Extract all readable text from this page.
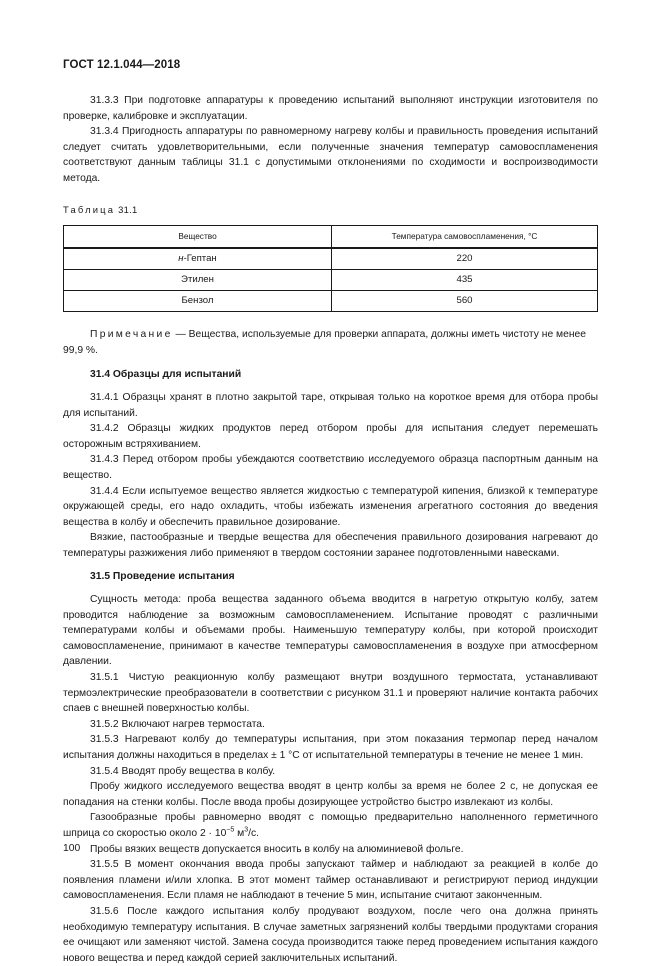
ГОСТ 12.1.044—2018

31.3.3 При подготовке аппаратуры к проведению испытаний выполняют инструкции изготовителя по проверке, калибровке и эксплуатации.

31.3.4 Пригодность аппаратуры по равномерному нагреву колбы и правильность проведения испытаний следует считать удовлетворительными, если полученные значения температур самовоспламенения соответствуют данным таблицы 31.1 с допустимыми отклонениями по сходимости и воспроизводимости метода.

Таблица 31.1
Вещество	Температура самовоспламенения, °С
н-Гептан	220
Этилен	435
Бензол	560
Примечание — Вещества, используемые для проверки аппарата, должны иметь чистоту не менее 99,9 %.
31.4 Образцы для испытаний

31.4.1 Образцы хранят в плотно закрытой таре, открывая только на короткое время для отбора пробы для испытаний.

31.4.2 Образцы жидких продуктов перед отбором пробы для испытания следует перемешать осторожным встряхиванием.

31.4.3 Перед отбором пробы убеждаются соответствию исследуемого образца паспортным данным на вещество.

31.4.4 Если испытуемое вещество является жидкостью с температурой кипения, близкой к температуре окружающей среды, его надо охладить, чтобы избежать изменения агрегатного состояния до введения вещества в колбу и обеспечить правильное дозирование.

Вязкие, пастообразные и твердые вещества для обеспечения правильного дозирования нагревают до температуры разжижения либо применяют в твердом состоянии заранее подготовленными навесками.

31.5 Проведение испытания

Сущность метода: проба вещества заданного объема вводится в нагретую открытую колбу, затем проводится наблюдение за возможным самовоспламенением. Испытание проводят с различными температурами колбы и объемами пробы. Наименьшую температуру колбы, при которой происходит самовоспламенение, принимают в качестве температуры самовоспламенения в воздухе при атмосферном давлении.

31.5.1 Чистую реакционную колбу размещают внутри воздушного термостата, устанавливают термоэлектрические преобразователи в соответствии с рисунком 31.1 и проверяют наличие контакта рабочих спаев с внешней поверхностью колбы.

31.5.2 Включают нагрев термостата.

31.5.3 Нагревают колбу до температуры испытания, при этом показания термопар перед началом испытания должны находиться в пределах ± 1 °С от испытательной температуры в течение не менее 1 мин.

31.5.4 Вводят пробу вещества в колбу.

Пробу жидкого исследуемого вещества вводят в центр колбы за время не более 2 с, не допуская ее попадания на стенки колбы. После ввода пробы дозирующее устройство быстро извлекают из колбы.

Газообразные пробы равномерно вводят с помощью предварительно наполненного герметичного шприца со скоростью около $2 \cdot 10^{-5}$ $м^3/с$.

Пробы вязких веществ допускается вносить в колбу на алюминиевой фольге.

31.5.5 В момент окончания ввода пробы запускают таймер и наблюдают за реакцией в колбе до появления пламени и/или хлопка. В этот момент таймер останавливают и регистрируют период индукции самовоспламенения. Если пламя не наблюдают в течение 5 мин, испытание считают законченным.

31.5.6 После каждого испытания колбу продувают воздухом, после чего она должна принять необходимую температуру испытания. В случае заметных загрязнений колбы твердыми продуктами сгорания ее очищают или заменяют чистой. Замена сосуда производится также перед проведением испытания каждого нового вещества и перед каждой серией заключительных испытаний.

100
